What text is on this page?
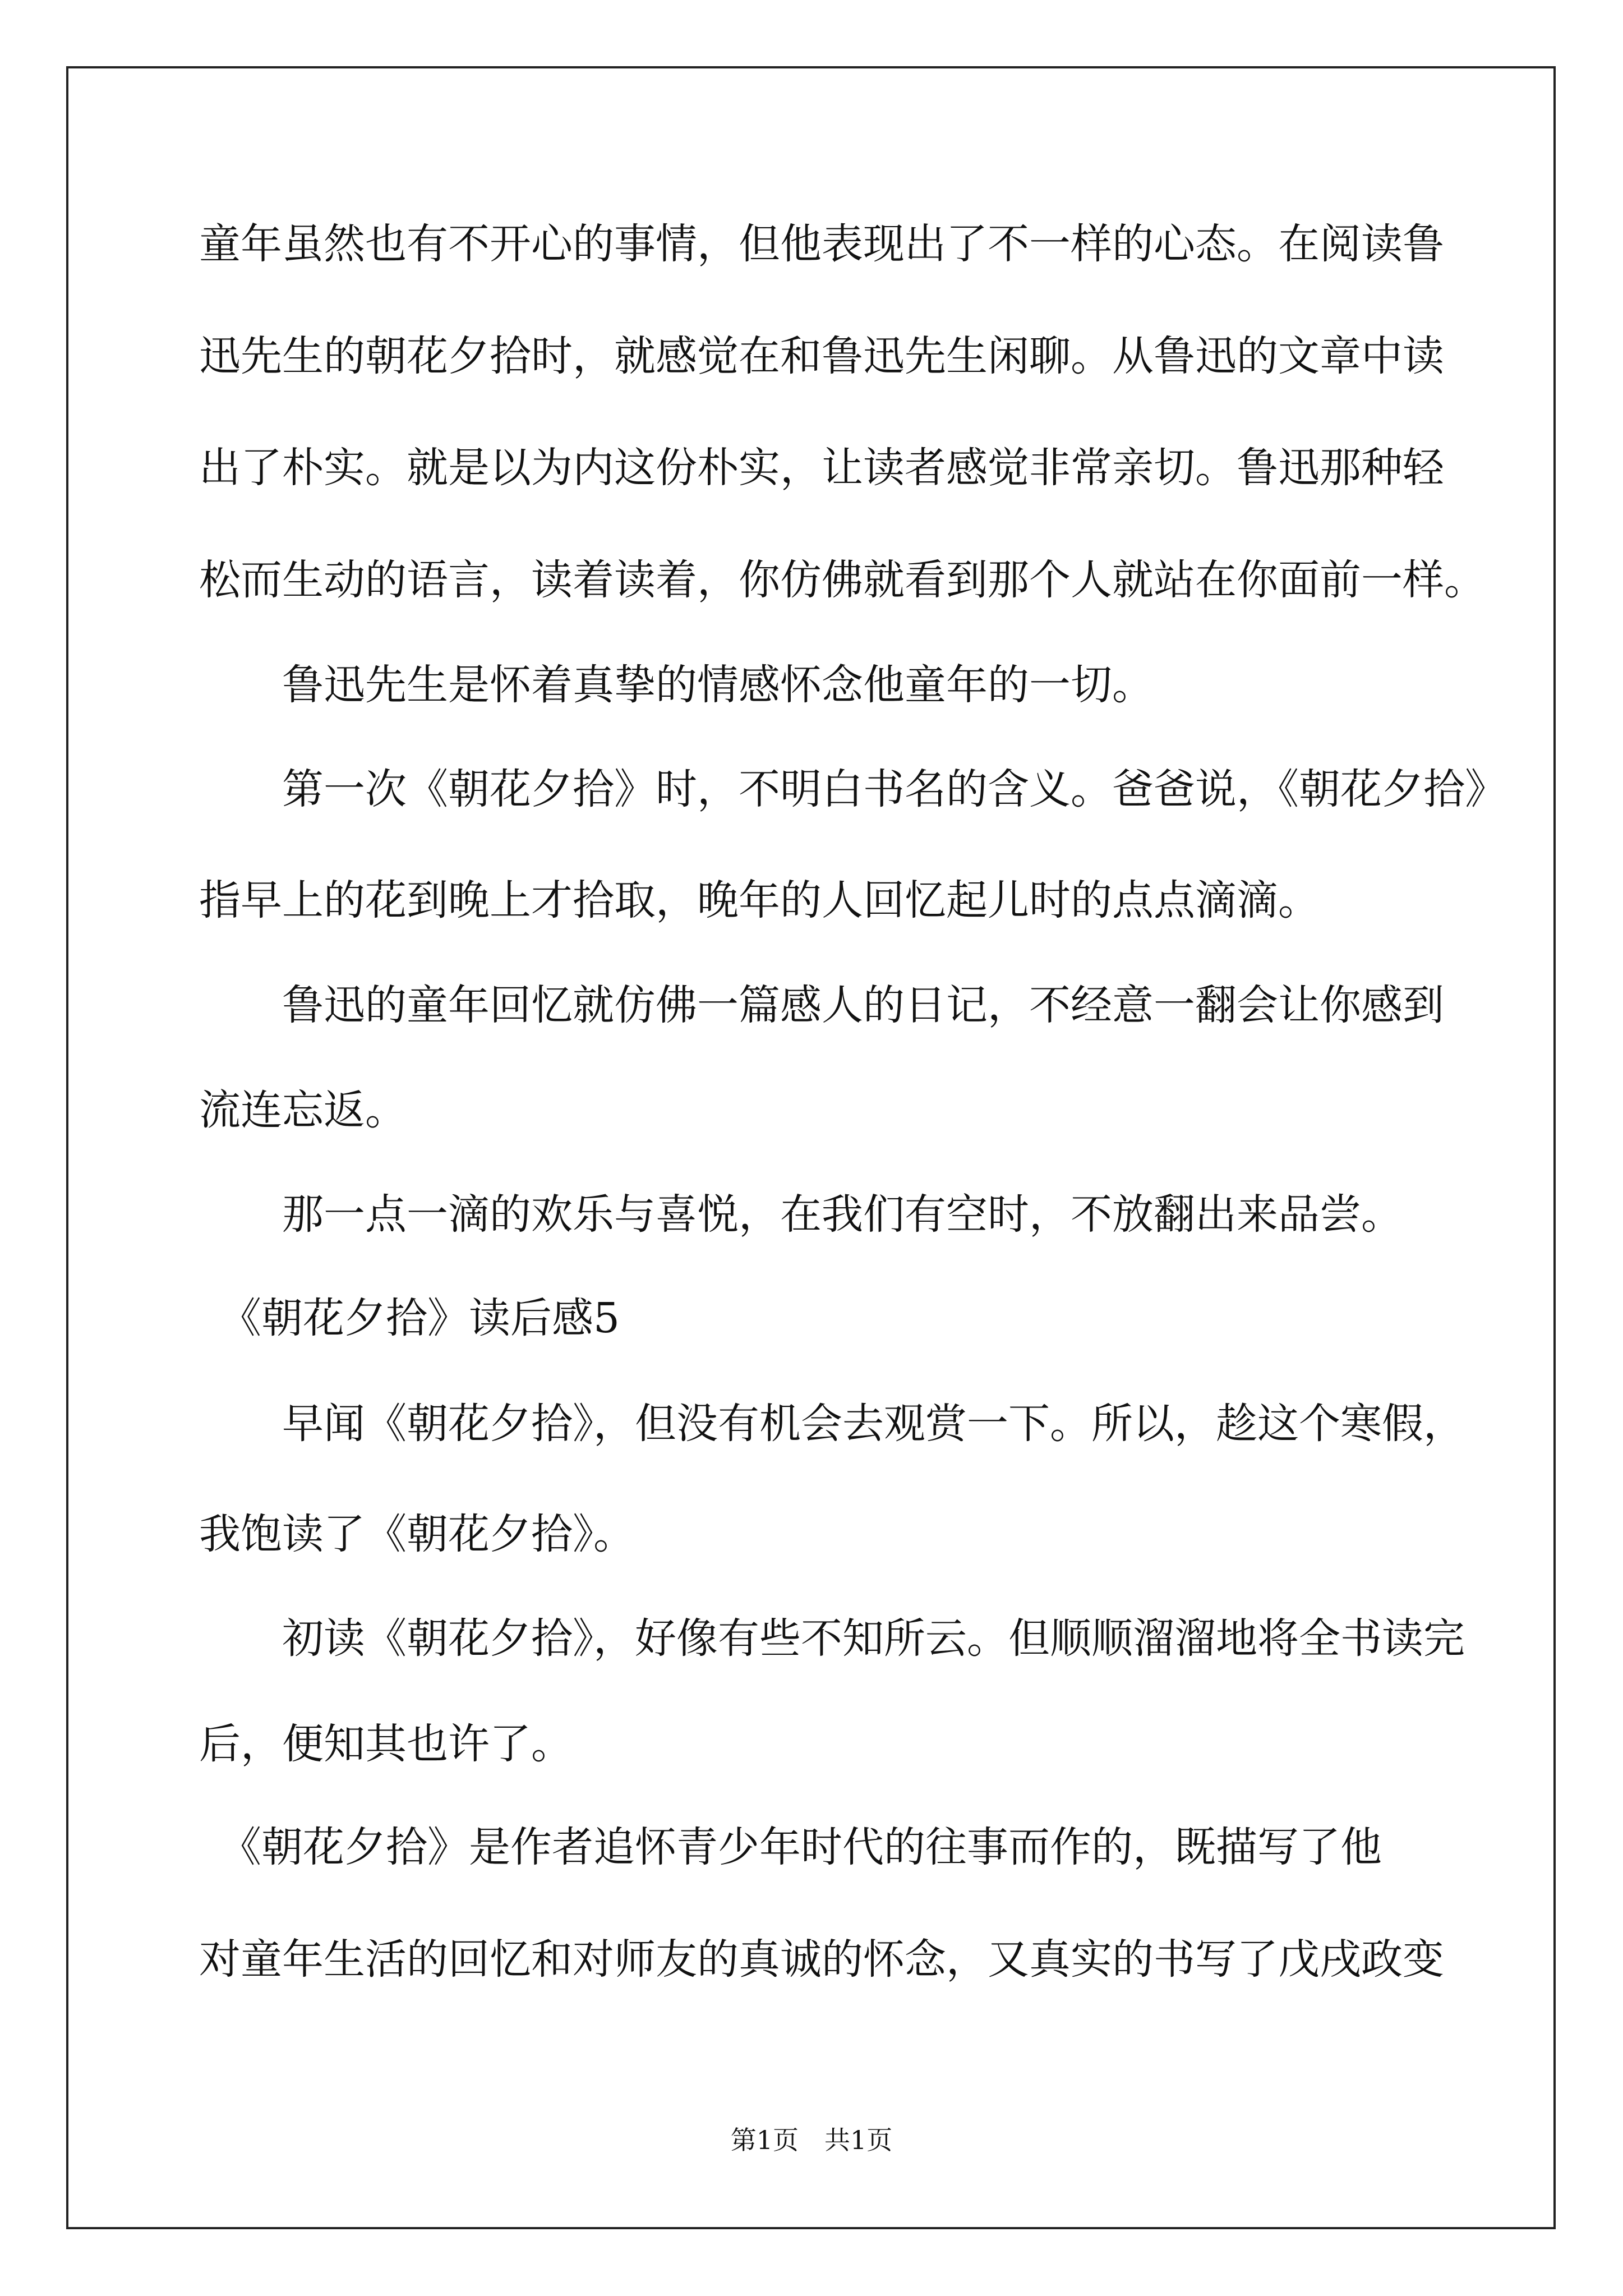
童年虽然也有不开心的事情，但他表现出了不一样的心态。在阅读鲁
迅先生的朝花夕拾时，就感觉在和鲁迅先生闲聊。从鲁迅的文章中读
出了朴实。就是以为内这份朴实，让读者感觉非常亲切。鲁迅那种轻
松而生动的语言，读着读着，你仿佛就看到那个人就站在你面前一样。
　　鲁迅先生是怀着真挚的情感怀念他童年的一切。
　　第一次《朝花夕拾》时，不明白书名的含义。爸爸说，《朝花夕拾》
指早上的花到晚上才拾取，晚年的人回忆起儿时的点点滴滴。
　　鲁迅的童年回忆就仿佛一篇感人的日记，不经意一翻会让你感到
流连忘返。
　　那一点一滴的欢乐与喜悦，在我们有空时，不放翻出来品尝。
　《朝花夕拾》读后感5
　　早闻《朝花夕拾》，但没有机会去观赏一下。所以，趁这个寒假，
我饱读了《朝花夕拾》。
　　初读《朝花夕拾》，好像有些不知所云。但顺顺溜溜地将全书读完
后，便知其也许了。
　《朝花夕拾》是作者追怀青少年时代的往事而作的，既描写了他
对童年生活的回忆和对师友的真诚的怀念，又真实的书写了戊戌政变
第1页　共1页
